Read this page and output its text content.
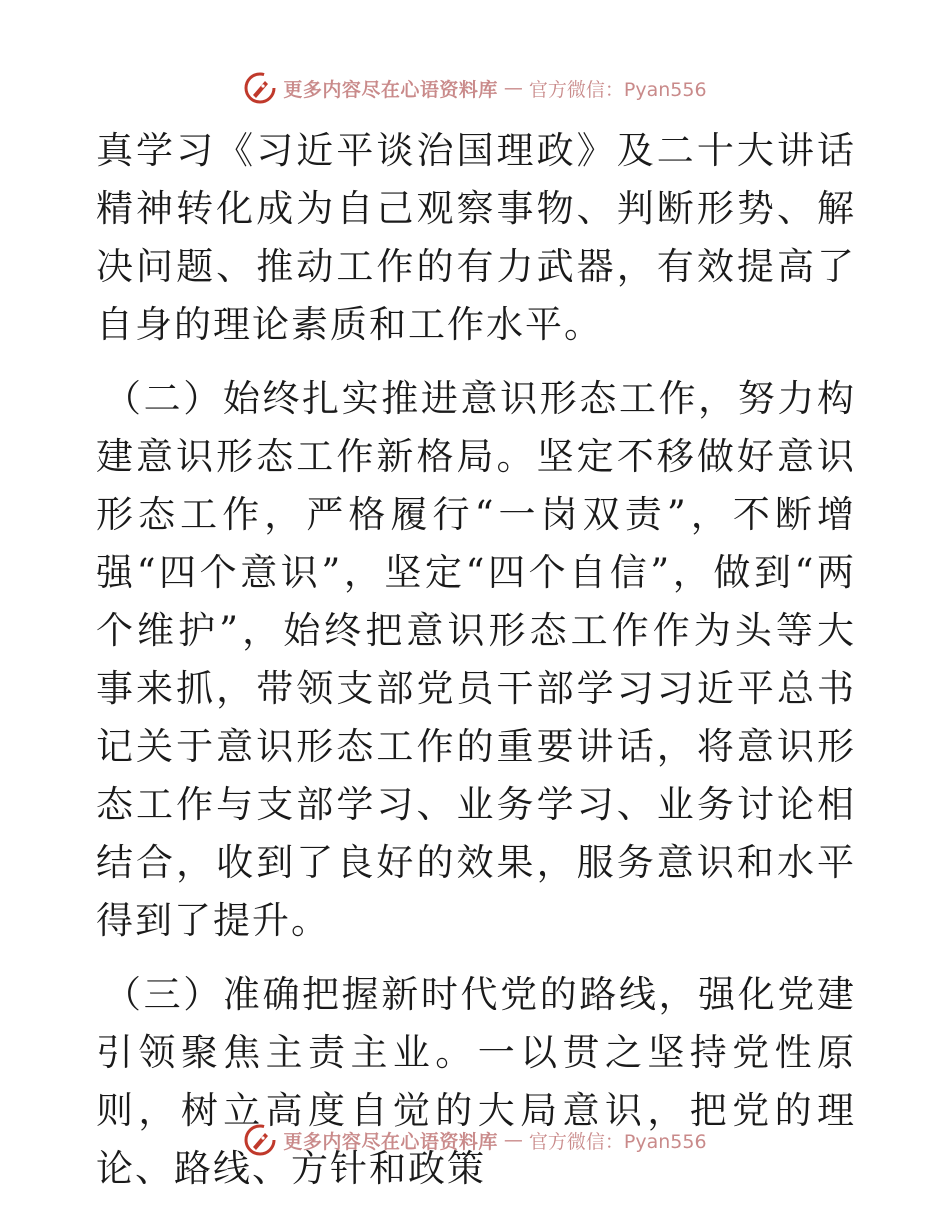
更多内容尽在心语资料库 — 官方微信：Pyan556

真学习《习近平谈治国理政》及二十大讲话精神转化成为自己观察事物、判断形势、解决问题、推动工作的有力武器，有效提高了自身的理论素质和工作水平。

（二）始终扎实推进意识形态工作，努力构建意识形态工作新格局。坚定不移做好意识形态工作，严格履行“一岗双责”，不断增强“四个意识”，坚定“四个自信”，做到“两个维护”，始终把意识形态工作作为头等大事来抓，带领支部党员干部学习习近平总书记关于意识形态工作的重要讲话，将意识形态工作与支部学习、业务学习、业务讨论相结合，收到了良好的效果，服务意识和水平得到了提升。

（三）准确把握新时代党的路线，强化党建引领聚焦主责主业。一以贯之坚持党性原则，树立高度自觉的大局意识，把党的理论、路线、方针和政策

更多内容尽在心语资料库 — 官方微信：Pyan556
